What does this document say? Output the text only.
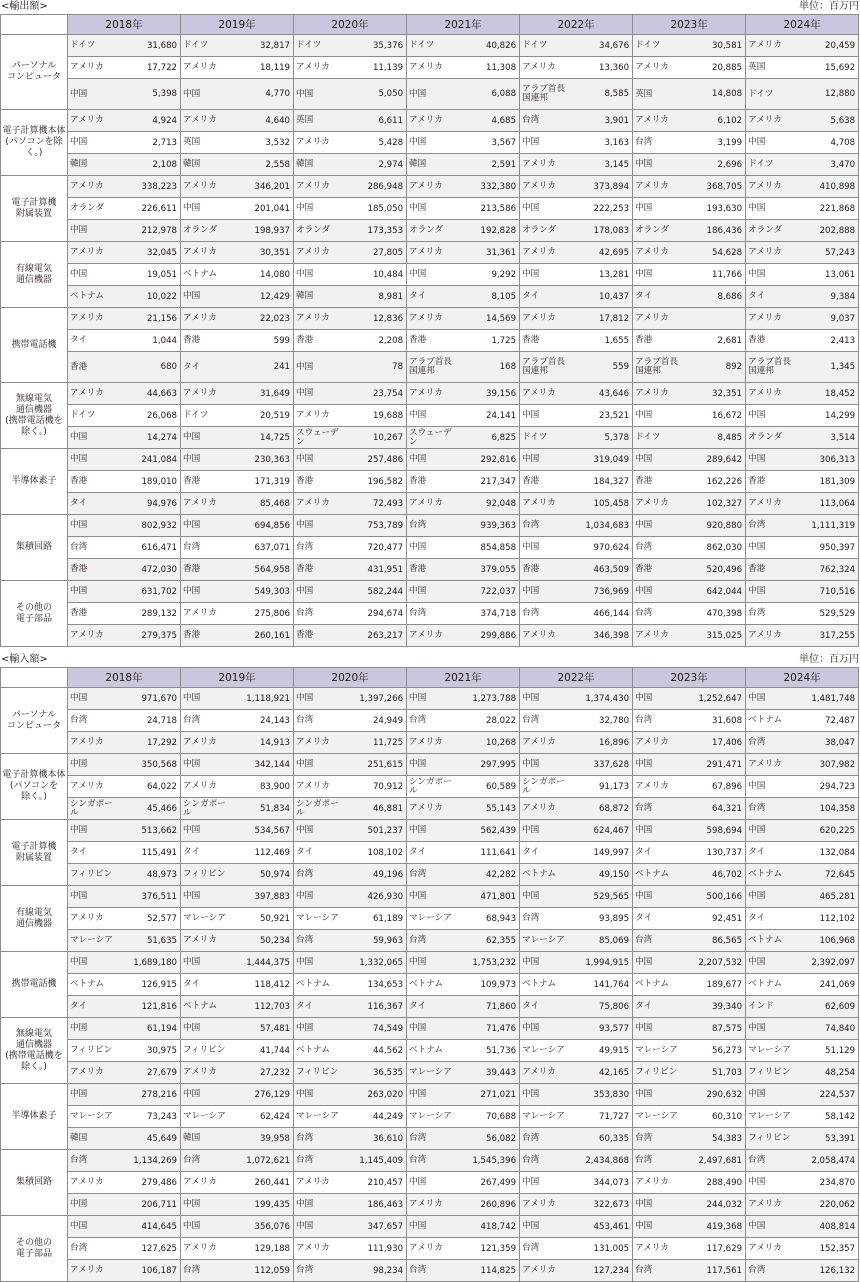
<輸出額>	単位：百万円
	2018年		2019年		2020年		2021年		2022年		2023年		2024年	

パーソナル
コンピュータ	ドイツ	31,680	ドイツ	32,817	ドイツ	35,376	ドイツ	40,826	ドイツ	34,676	ドイツ	30,581	アメリカ	20,459
	アメリカ	17,722	アメリカ	18,119	アメリカ	11,139	アメリカ	11,308	アメリカ	13,360	アメリカ	20,885	英国	15,692
	中国	5,398	中国	4,770	中国	5,050	中国	6,088	アラブ首長国連邦	8,585	英国	14,808	ドイツ	12,880

電子計算機本体
(パソコンを除く。)	アメリカ	4,924	アメリカ	4,640	英国	6,611	アメリカ	4,685	台湾	3,901	アメリカ	6,102	アメリカ	5,638
	中国	2,713	英国	3,532	アメリカ	5,428	中国	3,567	中国	3,163	台湾	3,199	中国	4,708
	韓国	2,108	韓国	2,558	韓国	2,974	韓国	2,591	アメリカ	3,145	中国	2,696	ドイツ	3,470

電子計算機
附属装置	アメリカ	338,223	アメリカ	346,201	アメリカ	286,948	アメリカ	332,380	アメリカ	373,894	アメリカ	368,705	アメリカ	410,898
	オランダ	226,611	中国	201,041	中国	185,050	中国	213,586	中国	222,253	中国	193,630	中国	221,868
	中国	212,978	オランダ	198,937	オランダ	173,353	オランダ	192,828	オランダ	178,083	オランダ	186,436	オランダ	202,888

有線電気
通信機器	アメリカ	32,045	アメリカ	30,351	アメリカ	27,805	アメリカ	31,361	アメリカ	42,695	アメリカ	54,628	アメリカ	57,243
	中国	19,051	ベトナム	14,080	中国	10,484	中国	9,292	中国	13,281	中国	11,766	中国	13,061
	ベトナム	10,022	中国	12,429	韓国	8,981	タイ	8,105	タイ	10,437	タイ	8,686	タイ	9,384

携帯電話機	アメリカ	21,156	アメリカ	22,023	アメリカ	12,836	アメリカ	14,569	アメリカ	17,812	アメリカ		アメリカ	9,037
	タイ	1,044	香港	599	香港	2,208	香港	1,725	香港	1,655	香港	2,681	香港	2,413
	香港	680	タイ	241	中国	78	アラブ首長国連邦	168	アラブ首長国連邦	559	アラブ首長国連邦	892	アラブ首長国連邦	1,345

無線電気
通信機器
(携帯電話機を
除く。)	アメリカ	44,663	アメリカ	31,649	中国	23,754	アメリカ	39,156	アメリカ	43,646	アメリカ	32,351	アメリカ	18,452
	ドイツ	26,068	ドイツ	20,519	アメリカ	19,688	中国	24,141	中国	23,521	中国	16,672	中国	14,299
	中国	14,274	中国	14,725	スウェーデン	10,267	スウェーデン	6,825	ドイツ	5,378	ドイツ	8,485	オランダ	3,514

半導体素子	中国	241,084	中国	230,363	中国	257,486	中国	292,816	中国	319,049	中国	289,642	中国	306,313
	香港	189,010	香港	171,319	香港	196,582	香港	217,347	香港	184,327	香港	162,226	香港	181,309
	タイ	94,976	アメリカ	85,468	アメリカ	72,493	アメリカ	92,048	アメリカ	105,458	アメリカ	102,327	アメリカ	113,064

集積回路	中国	802,932	中国	694,856	中国	753,789	台湾	939,363	台湾	1,034,683	中国	920,880	台湾	1,111,319
	台湾	616,471	台湾	637,071	台湾	720,477	中国	854,858	中国	970,624	台湾	862,030	中国	950,397
	香港	472,030	香港	564,958	香港	431,951	香港	379,055	香港	463,509	香港	520,496	香港	762,324

その他の
電子部品	中国	631,702	中国	549,303	中国	582,244	中国	722,037	中国	736,969	中国	642,044	中国	710,516
	香港	289,132	アメリカ	275,806	台湾	294,674	台湾	374,718	台湾	466,144	台湾	470,398	台湾	529,529
	アメリカ	279,375	香港	260,161	香港	263,217	アメリカ	299,886	アメリカ	346,398	アメリカ	315,025	アメリカ	317,255
<輸入額>	単位：百万円
	2018年		2019年		2020年		2021年		2022年		2023年		2024年	

パーソナル
コンピュータ	中国	971,670	中国	1,118,921	中国	1,397,266	中国	1,273,788	中国	1,374,430	中国	1,252,647	中国	1,481,748
	台湾	24,718	台湾	24,143	台湾	24,949	台湾	28,022	台湾	32,780	台湾	31,608	ベトナム	72,487
	アメリカ	17,292	アメリカ	14,913	アメリカ	11,725	アメリカ	10,268	アメリカ	16,896	アメリカ	17,406	台湾	38,047

電子計算機本体
(パソコンを
除く。)	中国	350,568	中国	342,144	中国	251,615	中国	297,995	中国	337,628	中国	291,471	アメリカ	307,982
	アメリカ	64,022	アメリカ	83,900	アメリカ	70,912	シンガポール	60,589	シンガポール	91,173	アメリカ	67,896	中国	294,723
	シンガポール	45,466	シンガポール	51,834	シンガポール	46,881	アメリカ	55,143	アメリカ	68,872	台湾	64,321	台湾	104,358

電子計算機
附属装置	中国	513,662	中国	534,567	中国	501,237	中国	562,439	中国	624,467	中国	598,694	中国	620,225
	タイ	115,491	タイ	112,469	タイ	108,102	タイ	111,641	タイ	149,997	タイ	130,737	タイ	132,084
	フィリピン	48,973	フィリピン	50,974	台湾	49,196	台湾	42,282	ベトナム	49,150	ベトナム	46,702	ベトナム	72,645

有線電気
通信機器	中国	376,511	中国	397,883	中国	426,930	中国	471,801	中国	529,565	中国	500,166	中国	465,281
	アメリカ	52,577	マレーシア	50,921	マレーシア	61,189	マレーシア	68,943	台湾	93,895	タイ	92,451	タイ	112,102
	マレーシア	51,635	アメリカ	50,234	台湾	59,963	台湾	62,355	マレーシア	85,069	台湾	86,565	ベトナム	106,968

携帯電話機	中国	1,689,180	中国	1,444,375	中国	1,332,065	中国	1,753,232	中国	1,994,915	中国	2,207,532	中国	2,392,097
	ベトナム	126,915	タイ	118,412	ベトナム	134,653	ベトナム	109,973	ベトナム	141,764	ベトナム	189,677	ベトナム	241,069
	タイ	121,816	ベトナム	112,703	タイ	116,367	タイ	71,860	タイ	75,806	タイ	39,340	インド	62,609

無線電気
通信機器
(携帯電話機を
除く。)	中国	61,194	中国	57,481	中国	74,549	中国	71,476	中国	93,577	中国	87,575	中国	74,840
	フィリピン	30,975	フィリピン	41,744	ベトナム	44,562	ベトナム	51,736	マレーシア	49,915	マレーシア	56,273	マレーシア	51,129
	アメリカ	27,679	アメリカ	27,232	フィリピン	36,535	マレーシア	39,443	アメリカ	42,165	フィリピン	51,703	フィリピン	48,254

半導体素子	中国	278,216	中国	276,129	中国	263,020	中国	271,021	中国	353,830	中国	290,632	中国	224,537
	マレーシア	73,243	マレーシア	62,424	マレーシア	44,249	マレーシア	70,688	マレーシア	71,727	マレーシア	60,310	マレーシア	58,142
	韓国	45,649	韓国	39,958	台湾	36,610	台湾	56,082	台湾	60,335	台湾	54,383	フィリピン	53,391

集積回路	台湾	1,134,269	台湾	1,072,621	台湾	1,145,409	台湾	1,545,396	台湾	2,434,868	台湾	2,497,681	台湾	2,058,474
	アメリカ	279,486	アメリカ	260,441	アメリカ	210,457	中国	267,499	中国	344,073	アメリカ	288,490	中国	234,870
	中国	206,711	中国	199,435	中国	186,463	アメリカ	260,896	アメリカ	322,673	中国	244,032	アメリカ	220,062

その他の
電子部品	中国	414,645	中国	356,076	中国	347,657	中国	418,742	中国	453,461	中国	419,368	中国	408,814
	台湾	127,625	アメリカ	129,188	アメリカ	111,930	アメリカ	121,359	台湾	131,005	アメリカ	117,629	アメリカ	152,357
	アメリカ	106,187	台湾	112,059	台湾	98,234	台湾	114,825	アメリカ	127,234	台湾	117,561	台湾	126,132
